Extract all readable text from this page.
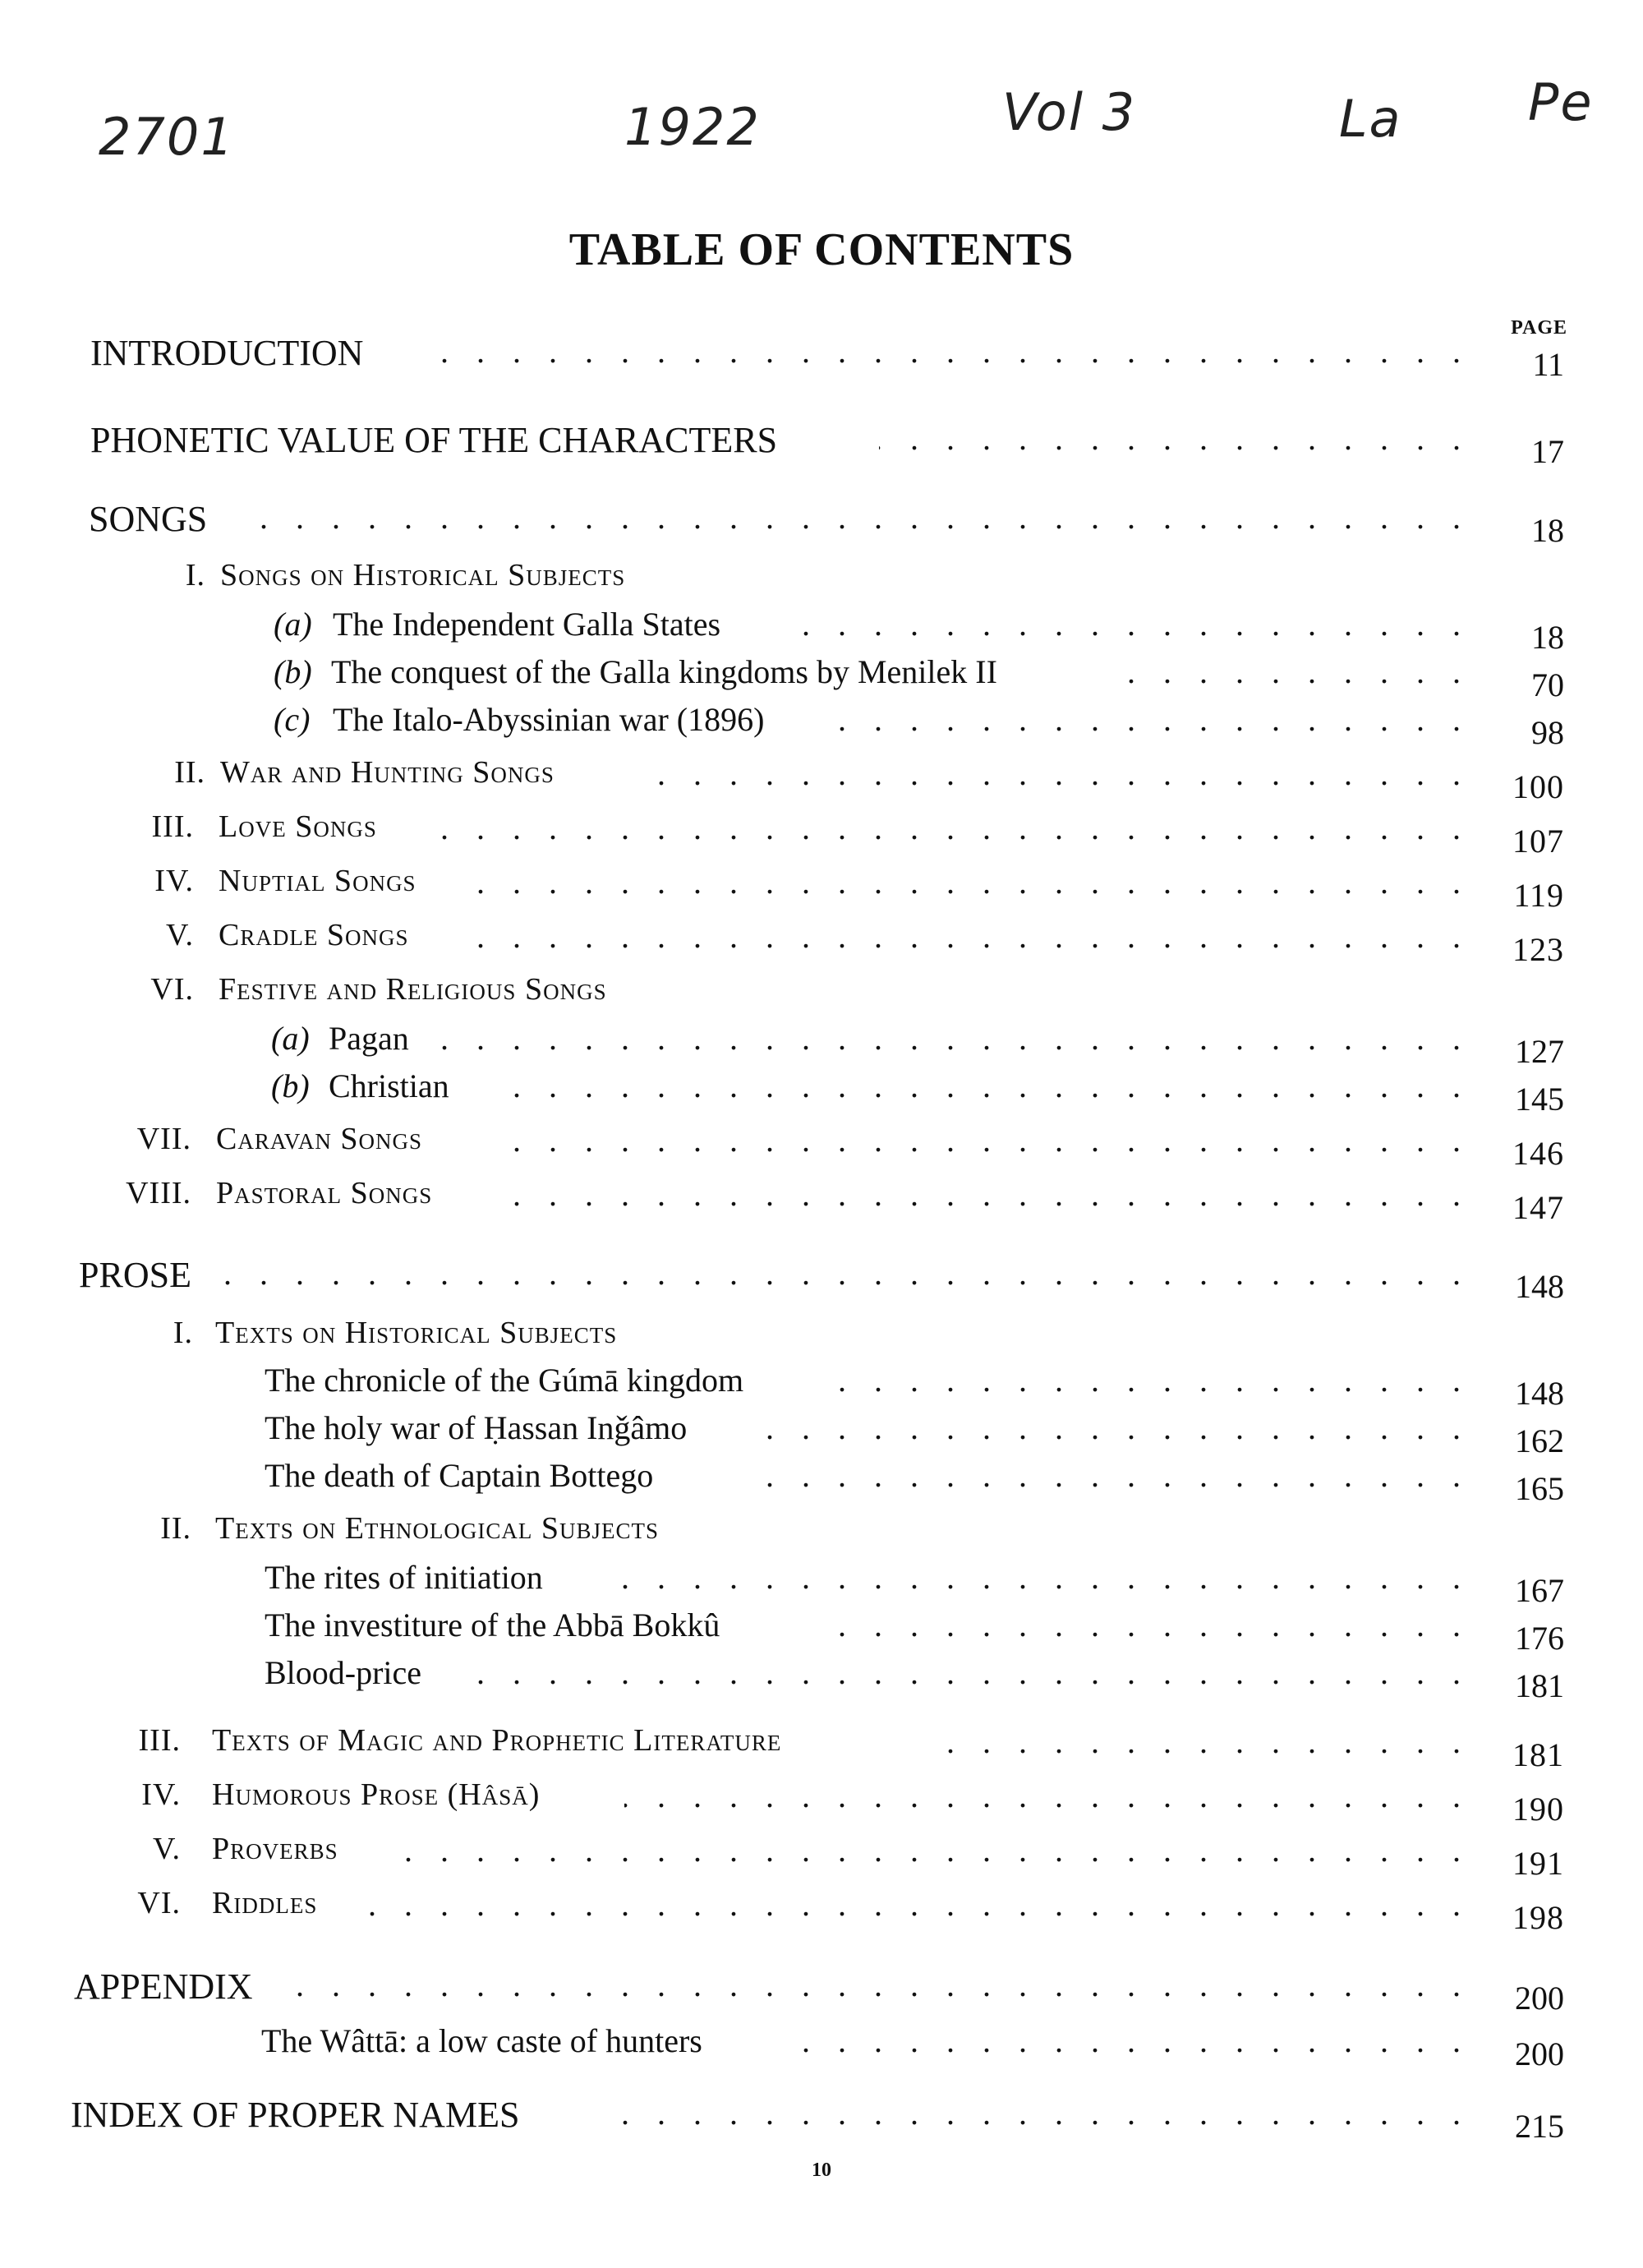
2701	1922	Vol 3	La Pe
TABLE OF CONTENTS
PAGE
INTRODUCTION . . .	11
PHONETIC VALUE OF THE CHARACTERS . . .	17
SONGS . . .	18
I. Songs on Historical Subjects
(a) The Independent Galla States . . .	18
(b) The conquest of the Galla kingdoms by Menilek II . . .	70
(c) The Italo-Abyssinian war (1896) . . .	98
II. War and Hunting Songs . . .	100
III. Love Songs . . .	107
IV. Nuptial Songs . . .	119
V. Cradle Songs . . .	123
VI. Festive and Religious Songs
(a) Pagan . . .	127
(b) Christian . . .	145
VII. Caravan Songs . . .	146
VIII. Pastoral Songs . . .	147
PROSE . . .	148
I. Texts on Historical Subjects
The chronicle of the Gúmā kingdom . . .	148
The holy war of Ḥassan Inǧâmo . . .	162
The death of Captain Bottego . . .	165
II. Texts on Ethnological Subjects
The rites of initiation . . .	167
The investiture of the Abbā Bokkû . . .	176
Blood-price . . .	181
III. Texts of Magic and Prophetic Literature . . .	181
IV. Humorous Prose (Hâsā) . . .	190
V. Proverbs . . .	191
VI. Riddles . . .	198
APPENDIX . . .	200
The Wâttā: a low caste of hunters . . .	200
INDEX OF PROPER NAMES . . .	215
10
